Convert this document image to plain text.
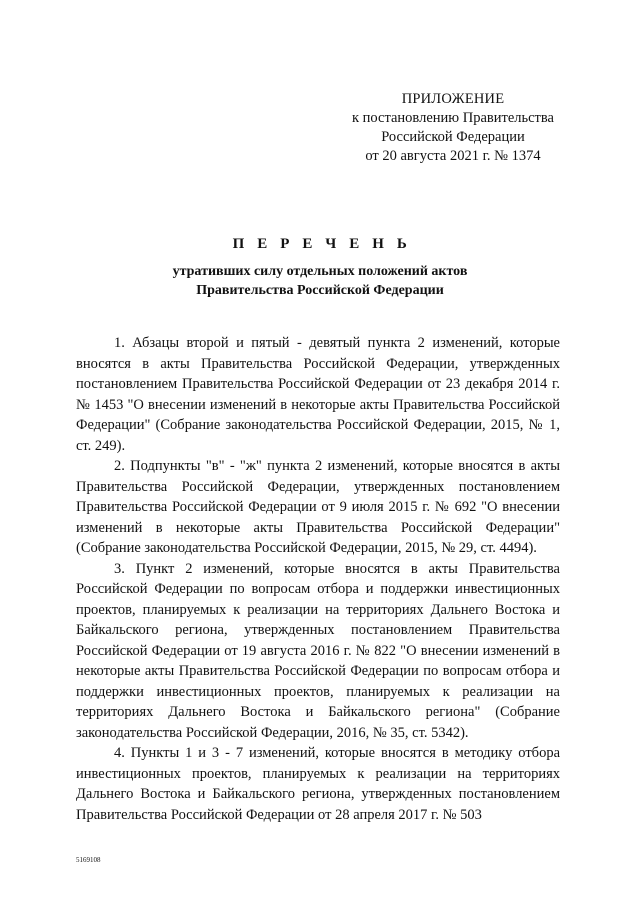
ПРИЛОЖЕНИЕ
к постановлению Правительства
Российской Федерации
от 20 августа 2021 г. № 1374
П Е Р Е Ч Е Н Ь
утративших силу отдельных положений актов
Правительства Российской Федерации

1. Абзацы второй и пятый - девятый пункта 2 изменений, которые вносятся в акты Правительства Российской Федерации, утвержденных постановлением Правительства Российской Федерации от 23 декабря 2014 г. № 1453 "О внесении изменений в некоторые акты Правительства Российской Федерации" (Собрание законодательства Российской Федерации, 2015, № 1, ст. 249).

2. Подпункты "в" - "ж" пункта 2 изменений, которые вносятся в акты Правительства Российской Федерации, утвержденных постановлением Правительства Российской Федерации от 9 июля 2015 г. № 692 "О внесении изменений в некоторые акты Правительства Российской Федерации" (Собрание законодательства Российской Федерации, 2015, № 29, ст. 4494).

3. Пункт 2 изменений, которые вносятся в акты Правительства Российской Федерации по вопросам отбора и поддержки инвестиционных проектов, планируемых к реализации на территориях Дальнего Востока и Байкальского региона, утвержденных постановлением Правительства Российской Федерации от 19 августа 2016 г. № 822 "О внесении изменений в некоторые акты Правительства Российской Федерации по вопросам отбора и поддержки инвестиционных проектов, планируемых к реализации на территориях Дальнего Востока и Байкальского региона" (Собрание законодательства Российской Федерации, 2016, № 35, ст. 5342).

4. Пункты 1 и 3 - 7 изменений, которые вносятся в методику отбора инвестиционных проектов, планируемых к реализации на территориях Дальнего Востока и Байкальского региона, утвержденных постановлением Правительства Российской Федерации от 28 апреля 2017 г. № 503

5169108
